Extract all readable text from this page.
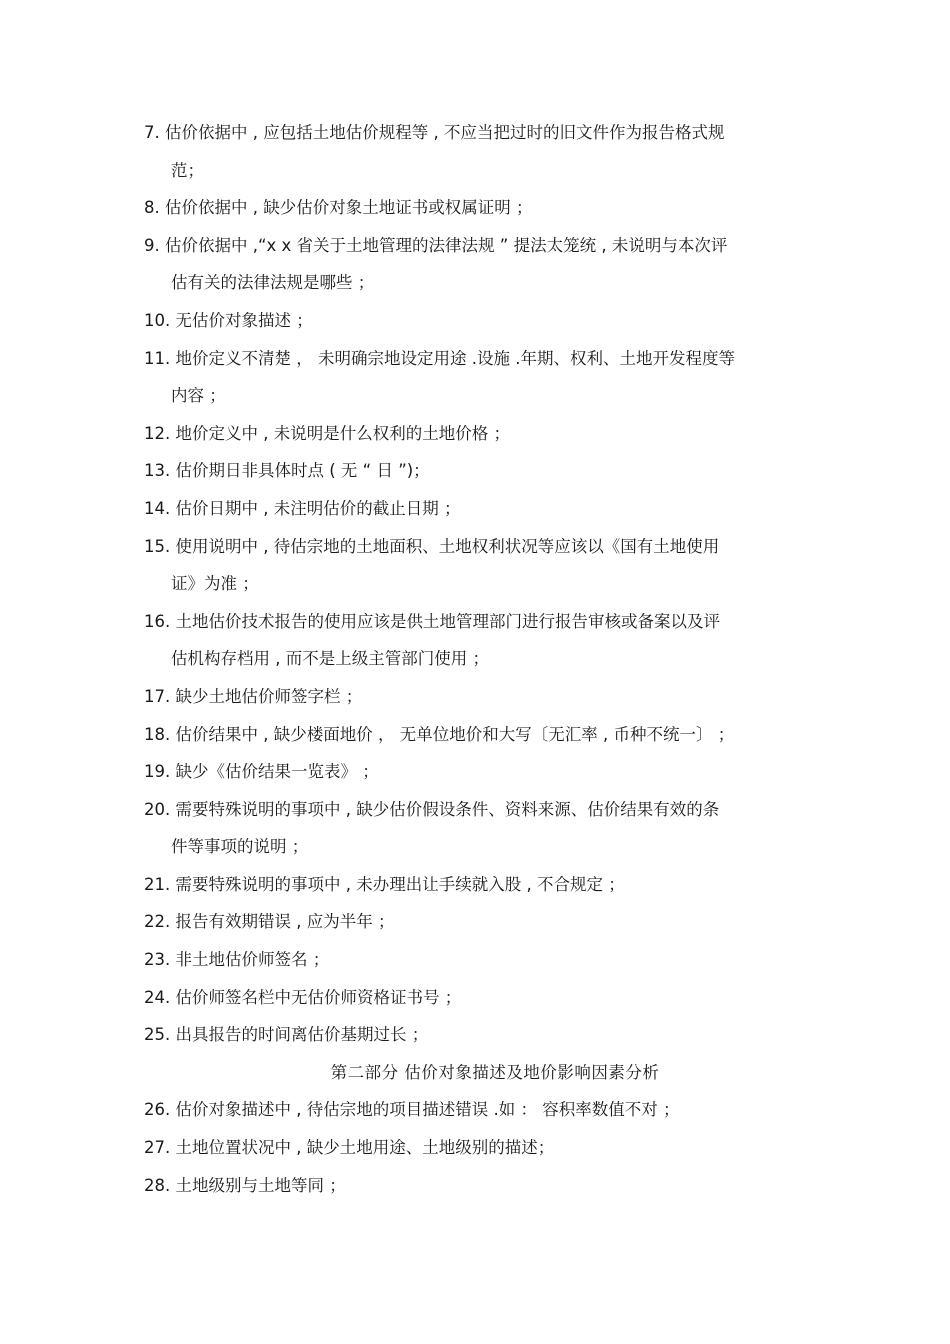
7. 估价依据中 , 应包括土地估价规程等 , 不应当把过时的旧文件作为报告格式规
范；
8. 估价依据中 , 缺少估价对象土地证书或权属证明 ；
9. 估价依据中 ,“x x 省关于土地管理的法律法规 ” 提法太笼统 , 未说明与本次评
估有关的法律法规是哪些 ；
10. 无估价对象描述 ；
11. 地价定义不清楚 ， 未明确宗地设定用途 .设施 .年期、权利、土地开发程度等
内容 ；
12. 地价定义中 , 未说明是什么权利的土地价格 ；
13. 估价期日非具体时点 ( 无 “ 日 ”)；
14. 估价日期中 , 未注明估价的截止日期 ；
15. 使用说明中 , 待估宗地的土地面积、土地权利状况等应该以《国有土地使用
证》为准 ；
16. 土地估价技术报告的使用应该是供土地管理部门进行报告审核或备案以及评
估机构存档用 , 而不是上级主管部门使用 ；
17. 缺少土地估价师签字栏 ；
18. 估价结果中 , 缺少楼面地价 ， 无单位地价和大写〔无汇率 , 币种不统一〕 ；
19. 缺少《估价结果一览表》 ；
20. 需要特殊说明的事项中 , 缺少估价假设条件、资料来源、估价结果有效的条
件等事项的说明 ；
21. 需要特殊说明的事项中 , 未办理出让手续就入股 , 不合规定 ；
22. 报告有效期错误 , 应为半年 ；
23. 非土地估价师签名 ；
24. 估价师签名栏中无估价师资格证书号 ；
25. 出具报告的时间离估价基期过长 ；
第二部分 估价对象描述及地价影响因素分析
26. 估价对象描述中 , 待估宗地的项目描述错误 .如 ： 容积率数值不对 ；
27. 土地位置状况中 , 缺少土地用途、土地级别的描述；
28. 土地级别与土地等同 ；
